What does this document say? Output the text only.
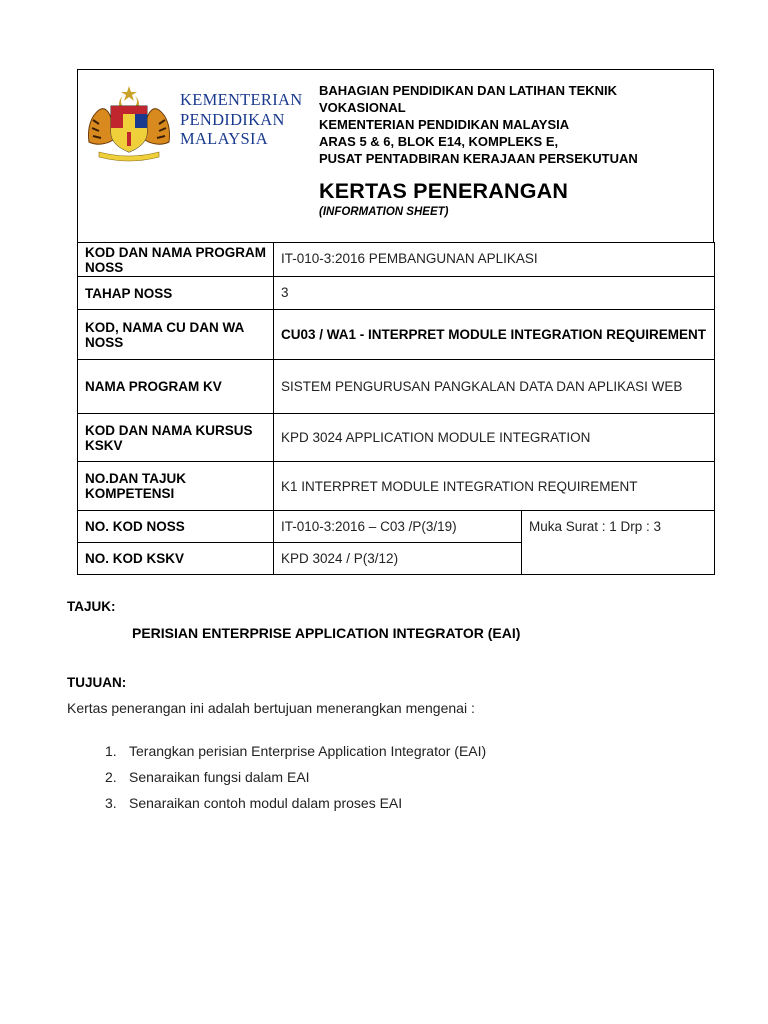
KEMENTERIAN
PENDIDIKAN
MALAYSIA
BAHAGIAN PENDIDIKAN DAN LATIHAN TEKNIK
VOKASIONAL
KEMENTERIAN PENDIDIKAN MALAYSIA
ARAS 5 & 6, BLOK E14, KOMPLEKS E,
PUSAT PENTADBIRAN KERAJAAN PERSEKUTUAN
KERTAS PENERANGAN
(INFORMATION SHEET)
KOD DAN NAMA PROGRAM NOSS	IT-010-3:2016 PEMBANGUNAN APLIKASI	
TAHAP NOSS	3	
KOD, NAMA CU DAN WA NOSS	CU03 / WA1 - INTERPRET MODULE INTEGRATION REQUIREMENT	
NAMA PROGRAM KV	SISTEM PENGURUSAN PANGKALAN DATA DAN APLIKASI WEB	
KOD DAN NAMA KURSUS KSKV	KPD 3024 APPLICATION MODULE INTEGRATION	
NO.DAN TAJUK KOMPETENSI	K1 INTERPRET MODULE INTEGRATION REQUIREMENT	
NO. KOD NOSS	IT-010-3:2016 – C03 /P(3/19)	Muka Surat : 1 Drp : 3
NO. KOD KSKV	KPD 3024 / P(3/12)	
TAJUK:
PERISIAN ENTERPRISE APPLICATION INTEGRATOR (EAI)
TUJUAN:
Kertas penerangan ini adalah bertujuan menerangkan mengenai :
1. Terangkan perisian Enterprise Application Integrator (EAI)
2. Senaraikan fungsi dalam EAI
3. Senaraikan contoh modul dalam proses EAI
